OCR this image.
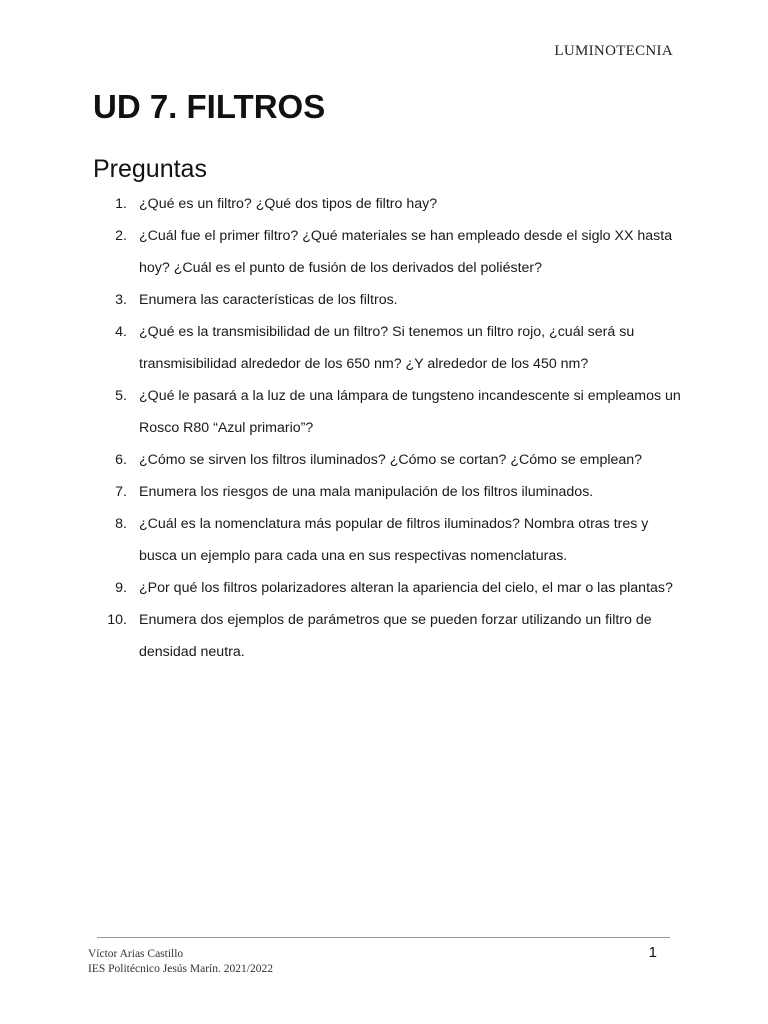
LUMINOTECNIA
UD 7. FILTROS
Preguntas
1. ¿Qué es un filtro? ¿Qué dos tipos de filtro hay?
2. ¿Cuál fue el primer filtro? ¿Qué materiales se han empleado desde el siglo XX hasta hoy? ¿Cuál es el punto de fusión de los derivados del poliéster?
3. Enumera las características de los filtros.
4. ¿Qué es la transmisibilidad de un filtro? Si tenemos un filtro rojo, ¿cuál será su transmisibilidad alrededor de los 650 nm? ¿Y alrededor de los 450 nm?
5. ¿Qué le pasará a la luz de una lámpara de tungsteno incandescente si empleamos un Rosco R80 “Azul primario”?
6. ¿Cómo se sirven los filtros iluminados? ¿Cómo se cortan? ¿Cómo se emplean?
7. Enumera los riesgos de una mala manipulación de los filtros iluminados.
8. ¿Cuál es la nomenclatura más popular de filtros iluminados? Nombra otras tres y busca un ejemplo para cada una en sus respectivas nomenclaturas.
9. ¿Por qué los filtros polarizadores alteran la apariencia del cielo, el mar o las plantas?
10. Enumera dos ejemplos de parámetros que se pueden forzar utilizando un filtro de densidad neutra.
Víctor Arias Castillo
IES Politécnico Jesús Marín. 2021/2022
1
